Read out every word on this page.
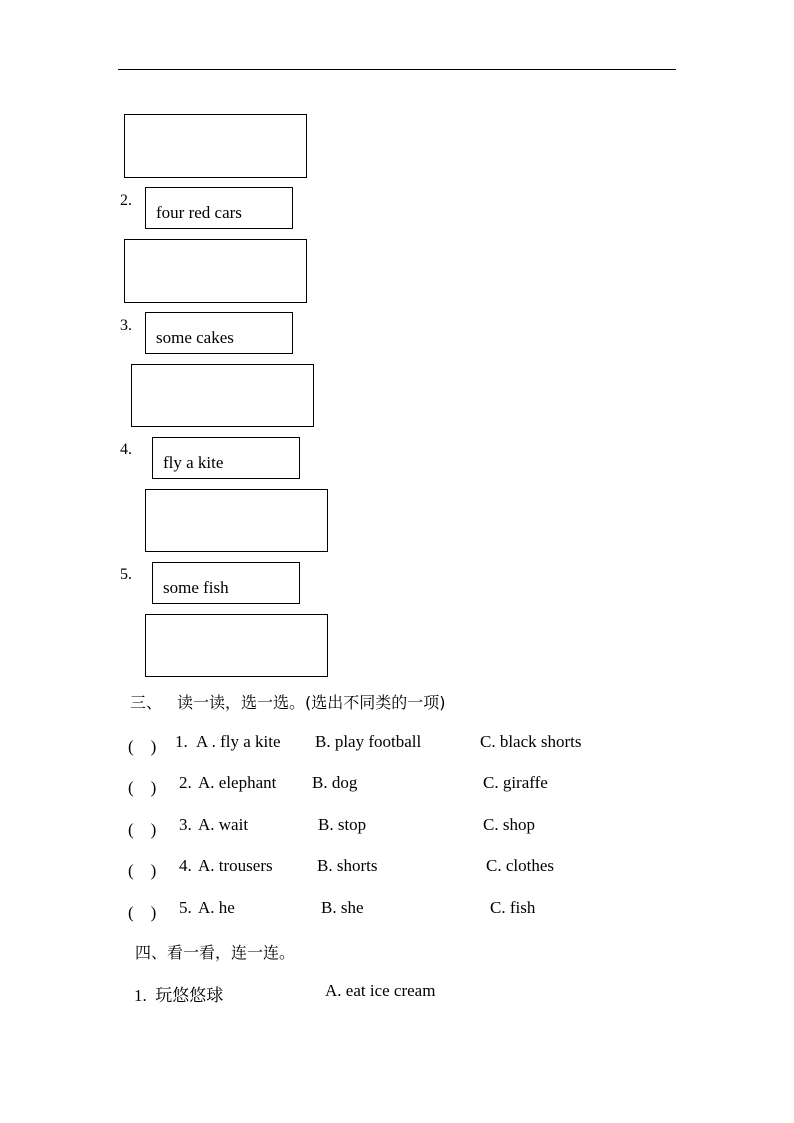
2.
four red cars
3.
some cakes
4.
fly a kite
5.
some fish
三、 读一读，选一选。(选出不同类的一项)
(　) 1. A . fly a kite B. play football	C. black shorts
(　) 2. A. elephant B. dog	C. giraffe
(　) 3. A. wait	B. stop	C. shop
(　) 4. A. trousers	B. shorts	C. clothes
(　) 5. A. he	B. she	C. fish
四、看一看，连一连。
1.  玩悠悠球	A. eat ice cream
